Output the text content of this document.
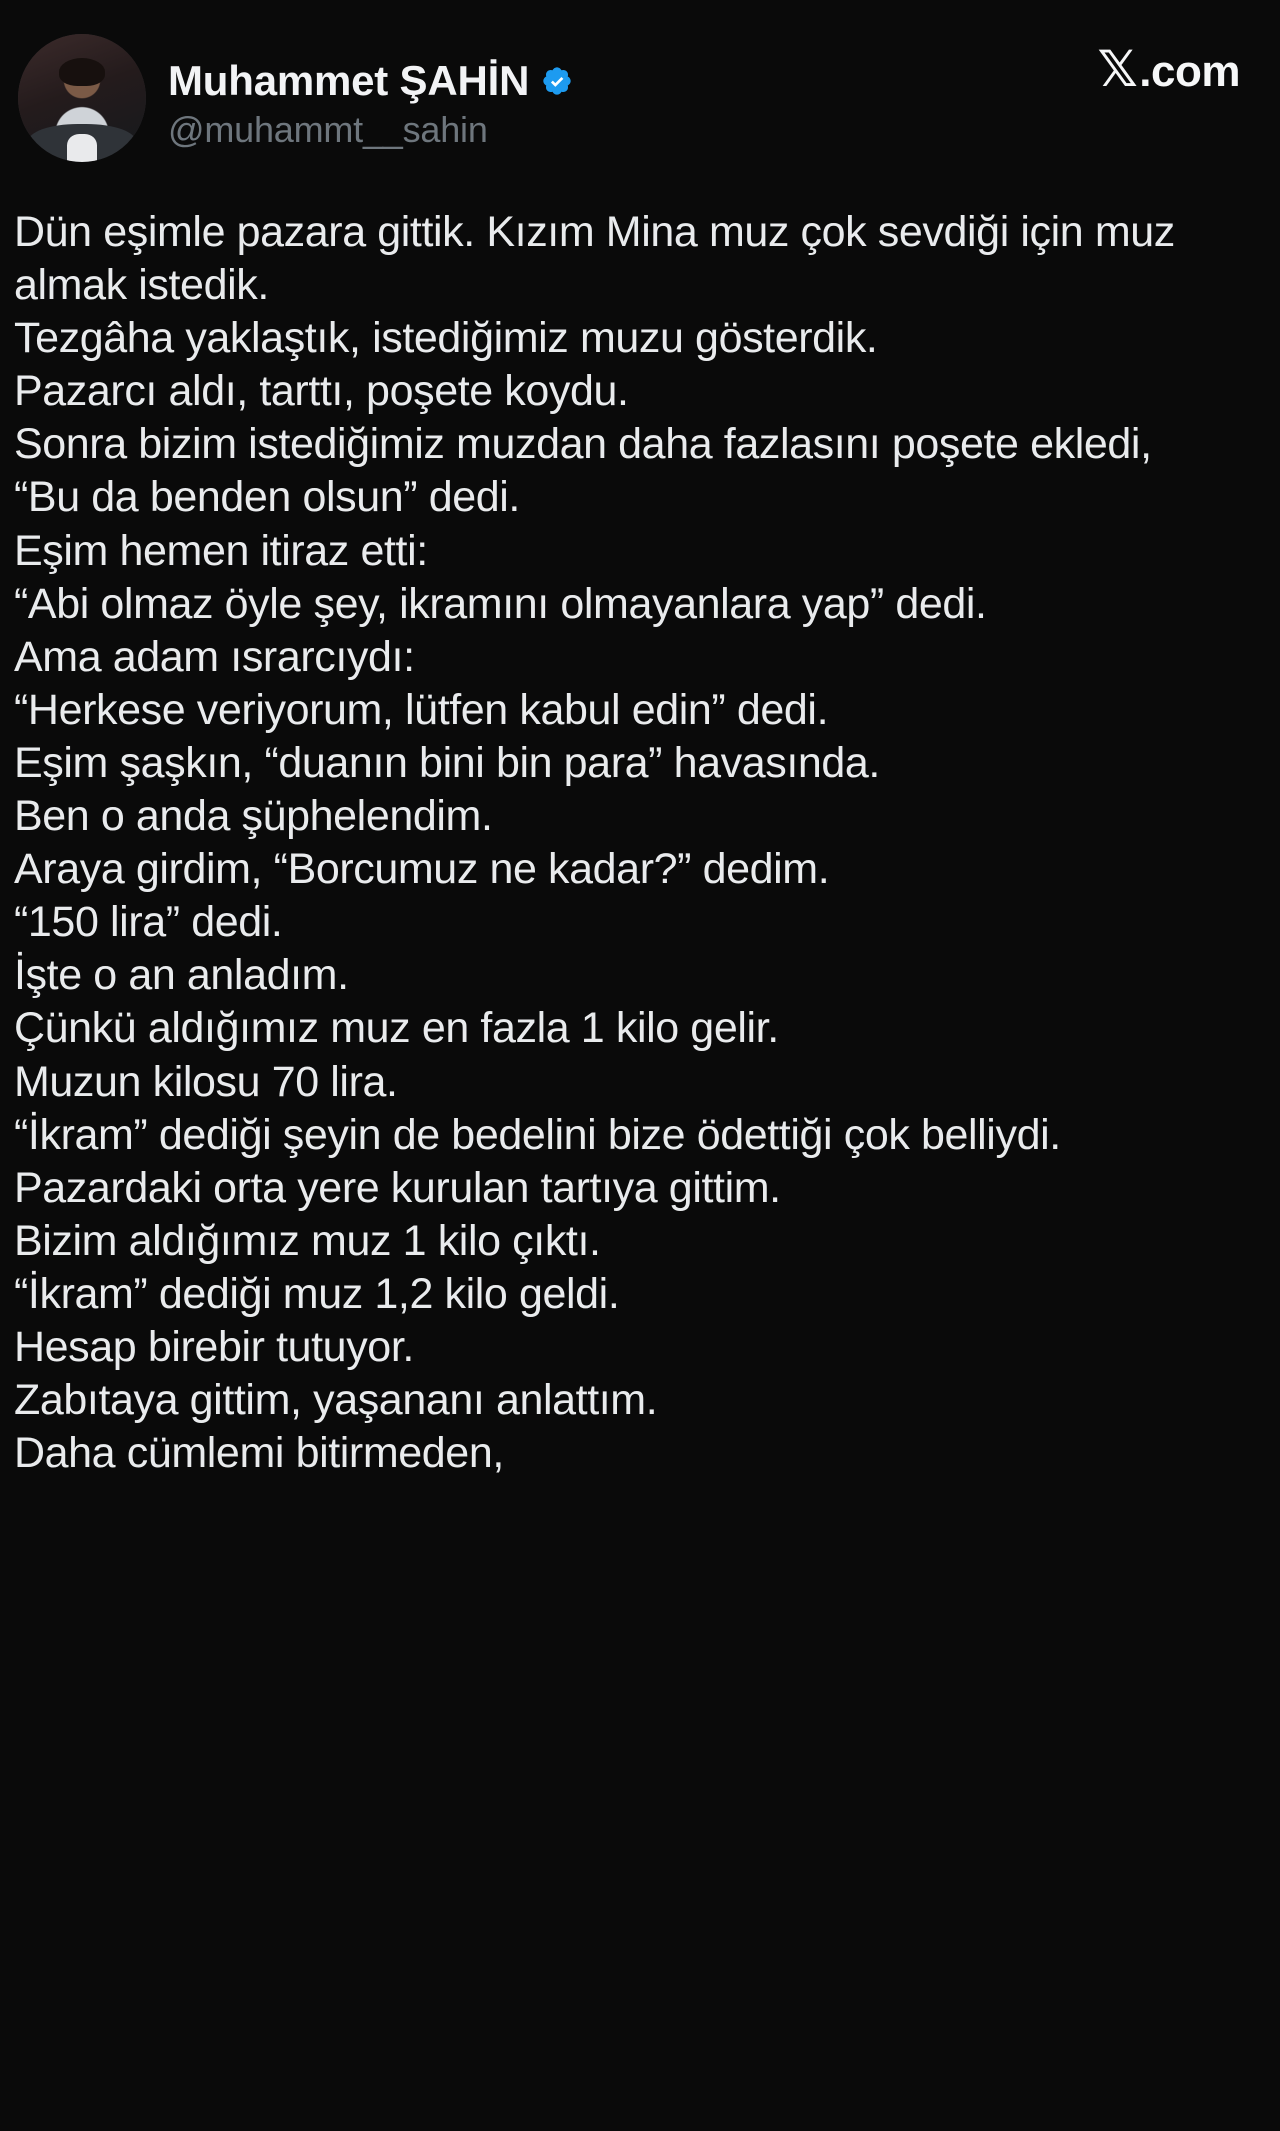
Muhammet ŞAHİN
@muhammt__sahin
𝕏 .com
Dün eşimle pazara gittik. Kızım Mina muz çok sevdiği için muz almak istedik.
Tezgâha yaklaştık, istediğimiz muzu gösterdik.
Pazarcı aldı, tarttı, poşete koydu.
Sonra bizim istediğimiz muzdan daha fazlasını poşete ekledi,
“Bu da benden olsun” dedi.
Eşim hemen itiraz etti:
“Abi olmaz öyle şey, ikramını olmayanlara yap” dedi.
Ama adam ısrarcıydı:
“Herkese veriyorum, lütfen kabul edin” dedi.
Eşim şaşkın, “duanın bini bin para” havasında.
Ben o anda şüphelendim.
Araya girdim, “Borcumuz ne kadar?” dedim.
“150 lira” dedi.
İşte o an anladım.
Çünkü aldığımız muz en fazla 1 kilo gelir.
Muzun kilosu 70 lira.
“İkram” dediği şeyin de bedelini bize ödettiği çok belliydi.
Pazardaki orta yere kurulan tartıya gittim.
Bizim aldığımız muz 1 kilo çıktı.
“İkram” dediği muz 1,2 kilo geldi.
Hesap birebir tutuyor.
Zabıtaya gittim, yaşananı anlattım.
Daha cümlemi bitirmeden,
